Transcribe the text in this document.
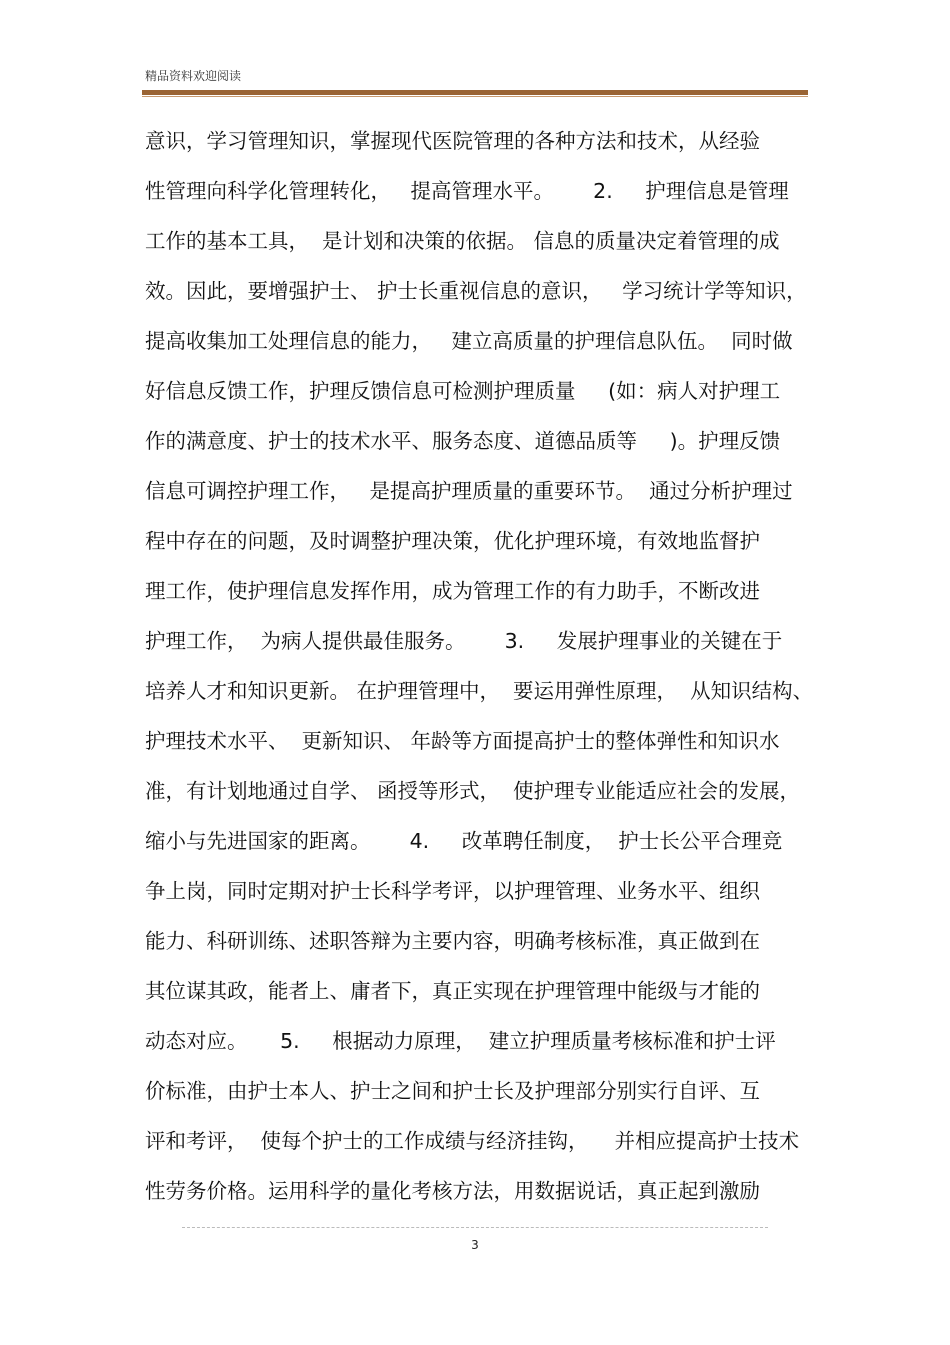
精品资料欢迎阅读
意识，学习管理知识，掌握现代医院管理的各种方法和技术，从经验
性管理向科学化管理转化，   提高管理水平。      2.     护理信息是管理
工作的基本工具，  是计划和决策的依据。 信息的质量决定着管理的成
效。因此，要增强护士、 护士长重视信息的意识，   学习统计学等知识，
提高收集加工处理信息的能力，   建立高质量的护理信息队伍。  同时做
好信息反馈工作，护理反馈信息可检测护理质量     (如：病人对护理工
作的满意度、护士的技术水平、服务态度、道德品质等     )。护理反馈
信息可调控护理工作，   是提高护理质量的重要环节。  通过分析护理过
程中存在的问题，及时调整护理决策，优化护理环境，有效地监督护
理工作，使护理信息发挥作用，成为管理工作的有力助手，不断改进
护理工作，  为病人提供最佳服务。      3.     发展护理事业的关键在于
培养人才和知识更新。 在护理管理中，  要运用弹性原理，  从知识结构、
护理技术水平、  更新知识、 年龄等方面提高护士的整体弹性和知识水
准，有计划地通过自学、 函授等形式，  使护理专业能适应社会的发展，
缩小与先进国家的距离。      4.     改革聘任制度，  护士长公平合理竞
争上岗，同时定期对护士长科学考评，以护理管理、业务水平、组织
能力、科研训练、述职答辩为主要内容，明确考核标准，真正做到在
其位谋其政，能者上、庸者下，真正实现在护理管理中能级与才能的
动态对应。     5.     根据动力原理，  建立护理质量考核标准和护士评
价标准，由护士本人、护士之间和护士长及护理部分别实行自评、互
评和考评，  使每个护士的工作成绩与经济挂钩，    并相应提高护士技术
性劳务价格。运用科学的量化考核方法，用数据说话，真正起到激励
3
